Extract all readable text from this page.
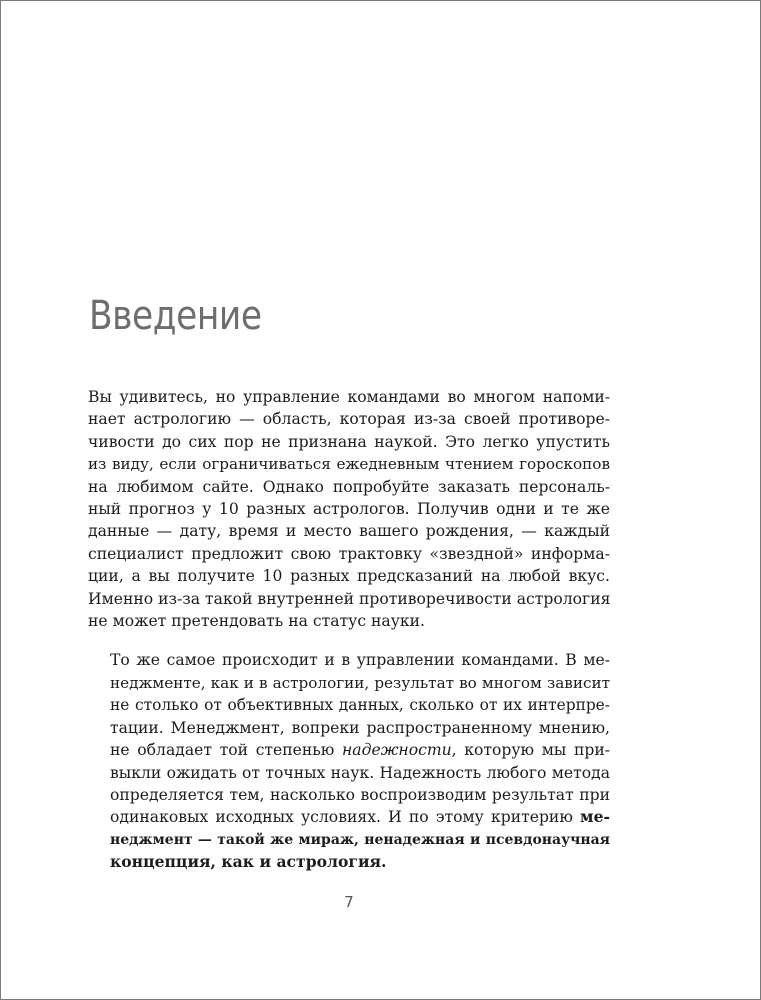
Введение

Вы удивитесь, но управление командами во многом напоми-
нает астрологию — область, которая из-за своей противоре-
чивости до сих пор не признана наукой. Это легко упустить
из виду, если ограничиваться ежедневным чтением гороскопов
на любимом сайте. Однако попробуйте заказать персональ-
ный прогноз у 10 разных астрологов. Получив одни и те же
данные — дату, время и место вашего рождения, — каждый
специалист предложит свою трактовку «звездной» информа-
ции, а вы получите 10 разных предсказаний на любой вкус.
Именно из-за такой внутренней противоречивости астрология
не может претендовать на статус науки.

То же самое происходит и в управлении командами. В ме-
неджменте, как и в астрологии, результат во многом зависит
не столько от объективных данных, сколько от их интерпре-
тации. Менеджмент, вопреки распространенному мнению,
не обладает той степенью надежности, которую мы при-
выкли ожидать от точных наук. Надежность любого метода
определяется тем, насколько воспроизводим результат при
одинаковых исходных условиях. И по этому критерию ме-
неджмент — такой же мираж, ненадежная и псевдонаучная
концепция, как и астрология.

7
